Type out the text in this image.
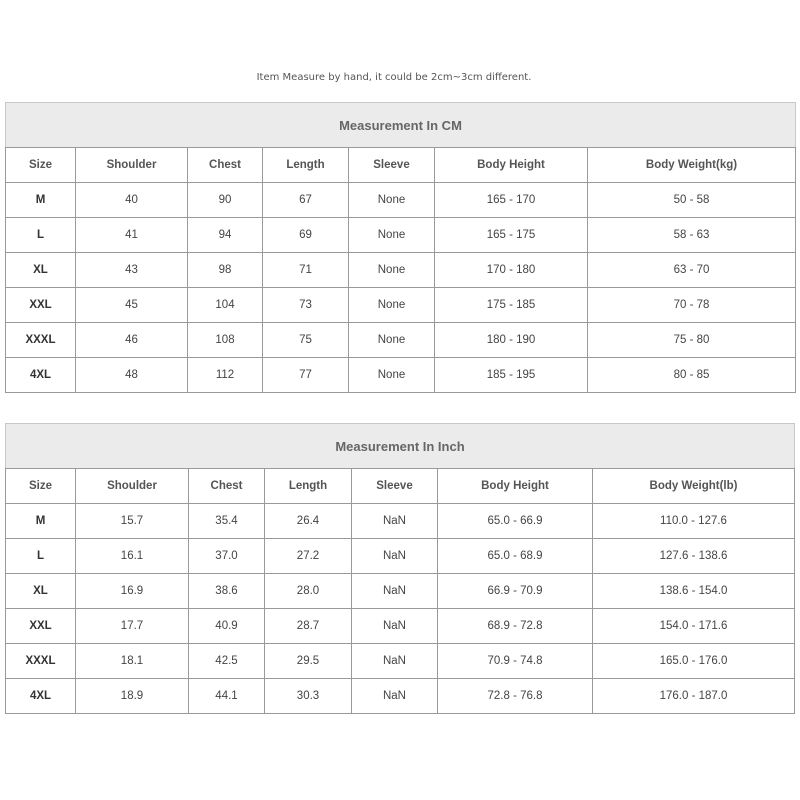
Item Measure by hand, it could be 2cm~3cm different.
Measurement In CM
Size	Shoulder	Chest	Length	Sleeve	Body Height	Body Weight(kg)
M	40	90	67	None	165 - 170	50 - 58
L	41	94	69	None	165 - 175	58 - 63
XL	43	98	71	None	170 - 180	63 - 70
XXL	45	104	73	None	175 - 185	70 - 78
XXXL	46	108	75	None	180 - 190	75 - 80
4XL	48	112	77	None	185 - 195	80 - 85
Measurement In Inch
Size	Shoulder	Chest	Length	Sleeve	Body Height	Body Weight(lb)
M	15.7	35.4	26.4	NaN	65.0 - 66.9	110.0 - 127.6
L	16.1	37.0	27.2	NaN	65.0 - 68.9	127.6 - 138.6
XL	16.9	38.6	28.0	NaN	66.9 - 70.9	138.6 - 154.0
XXL	17.7	40.9	28.7	NaN	68.9 - 72.8	154.0 - 171.6
XXXL	18.1	42.5	29.5	NaN	70.9 - 74.8	165.0 - 176.0
4XL	18.9	44.1	30.3	NaN	72.8 - 76.8	176.0 - 187.0
